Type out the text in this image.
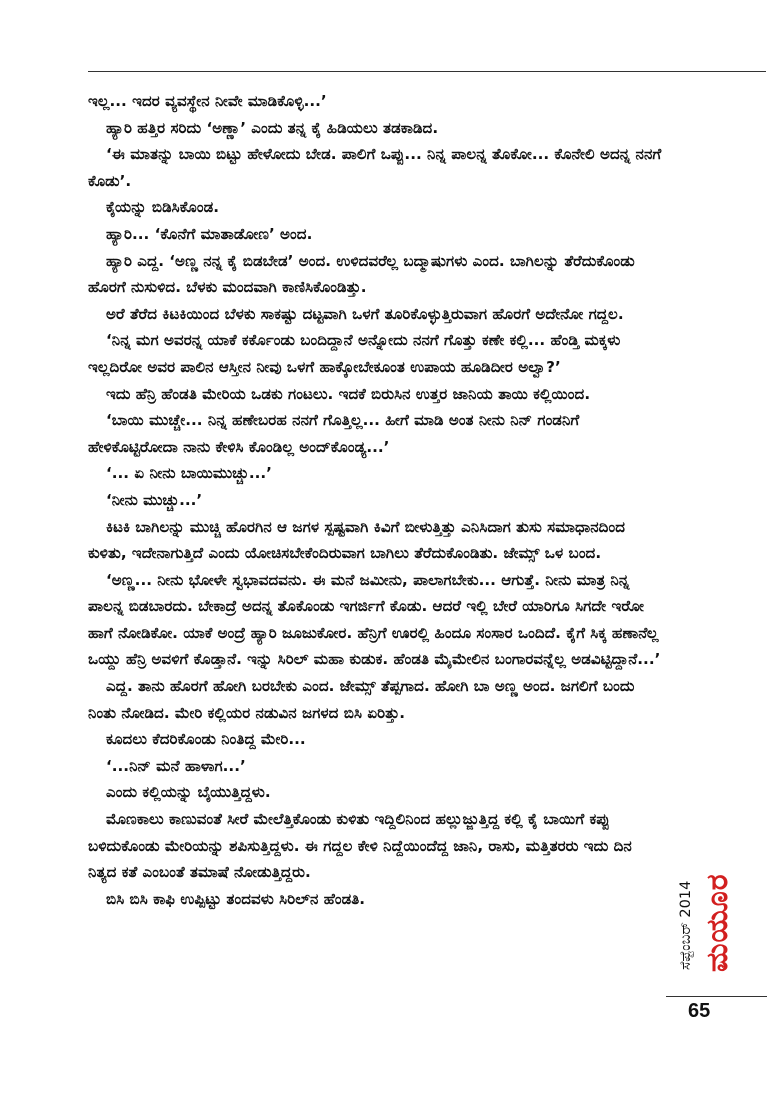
ಇಲ್ಲ... ಇದರ ವ್ಯವಸ್ಥೇನ ನೀವೇ ಮಾಡಿಕೊಳ್ಳಿ...’

ಹ್ಯಾರಿ ಹತ್ತಿರ ಸರಿದು ‘ಅಣ್ಣಾ’ ಎಂದು ತನ್ನ ಕೈ ಹಿಡಿಯಲು ತಡಕಾಡಿದ.

‘ಈ ಮಾತನ್ನು ಬಾಯಿ ಬಿಟ್ಟು ಹೇಳೋದು ಬೇಡ. ಪಾಲಿಗೆ ಒಪ್ಪು... ನಿನ್ನ ಪಾಲನ್ನ ತೊಕೋ... ಕೊನೇಲಿ ಅದನ್ನ ನನಗೆ ಕೊಡು’.

ಕೈಯನ್ನು ಬಿಡಿಸಿಕೊಂಡ.

ಹ್ಯಾರಿ... ‘ಕೊನೆಗೆ ಮಾತಾಡೋಣ’ ಅಂದ.

ಹ್ಯಾರಿ ಎದ್ದ. ‘ಅಣ್ಣ ನನ್ನ ಕೈ ಬಿಡಬೇಡ’ ಅಂದ. ಉಳಿದವರೆಲ್ಲ ಬದ್ಮಾಷುಗಳು ಎಂದ. ಬಾಗಿಲನ್ನು ತೆರೆದುಕೊಂಡು ಹೊರಗೆ ನುಸುಳಿದ. ಬೆಳಕು ಮಂದವಾಗಿ ಕಾಣಿಸಿಕೊಂಡಿತ್ತು.

ಅರೆ ತೆರೆದ ಕಿಟಕಿಯಿಂದ ಬೆಳಕು ಸಾಕಷ್ಟು ದಟ್ಟವಾಗಿ ಒಳಗೆ ತೂರಿಕೊಳ್ಳುತ್ತಿರುವಾಗ ಹೊರಗೆ ಅದೇನೋ ಗದ್ದಲ.

‘ನಿನ್ನ ಮಗ ಅವರನ್ನ ಯಾಕೆ ಕರ್ಕೊಂಡು ಬಂದಿದ್ದಾನೆ ಅನ್ನೋದು ನನಗೆ ಗೊತ್ತು ಕಣೇ ಕಲ್ಲಿ... ಹೆಂಡ್ತಿ ಮಕ್ಕಳು ಇಲ್ಲದಿರೋ ಅವರ ಪಾಲಿನ ಆಸ್ತೀನ ನೀವು ಒಳಗೆ ಹಾಕ್ಕೋಬೇಕೂಂತ ಉಪಾಯ ಹೂಡಿದೀರ ಅಲ್ವಾ?’

ಇದು ಹೆನ್ರಿ ಹೆಂಡತಿ ಮೇರಿಯ ಒಡಕು ಗಂಟಲು. ಇದಕೆ ಬಿರುಸಿನ ಉತ್ತರ ಜಾನಿಯ ತಾಯಿ ಕಲ್ಲಿಯಿಂದ.

‘ಬಾಯಿ ಮುಚ್ಚೇ... ನಿನ್ನ ಹಣೇಬರಹ ನನಗೆ ಗೊತ್ತಿಲ್ಲ... ಹೀಗೆ ಮಾಡಿ ಅಂತ ನೀನು ನಿನ್ ಗಂಡನಿಗೆ ಹೇಳಿಕೊಟ್ಟಿರೋದಾ ನಾನು ಕೇಳಿಸಿ ಕೊಂಡಿಲ್ಲ ಅಂದ್‌ಕೊಂಡ್ಯ...’

‘... ಏ ನೀನು ಬಾಯಿಮುಚ್ಚು...’

‘ನೀನು ಮುಚ್ಚು...’

ಕಿಟಕಿ ಬಾಗಿಲನ್ನು ಮುಚ್ಚಿ ಹೊರಗಿನ ಆ ಜಗಳ ಸ್ಪಷ್ಟವಾಗಿ ಕಿವಿಗೆ ಬೀಳುತ್ತಿತ್ತು ಎನಿಸಿದಾಗ ತುಸು ಸಮಾಧಾನದಿಂದ ಕುಳಿತು, ಇದೇನಾಗುತ್ತಿದೆ ಎಂದು ಯೋಚಿಸಬೇಕೆಂದಿರುವಾಗ ಬಾಗಿಲು ತೆರೆದುಕೊಂಡಿತು. ಜೇಮ್ಸ್ ಒಳ ಬಂದ.

‘ಅಣ್ಣ... ನೀನು ಭೋಳೇ ಸ್ವಭಾವದವನು. ಈ ಮನೆ ಜಮೀನು, ಪಾಲಾಗಬೇಕು... ಆಗುತ್ತೆ. ನೀನು ಮಾತ್ರ ನಿನ್ನ ಪಾಲನ್ನ ಬಿಡಬಾರದು. ಬೇಕಾದ್ರೆ ಅದನ್ನ ತೊಕೊಂಡು ಇಗರ್ಜಿಗೆ ಕೊಡು. ಆದರೆ ಇಲ್ಲಿ ಬೇರೆ ಯಾರಿಗೂ ಸಿಗದೇ ಇರೋ ಹಾಗೆ ನೋಡಿಕೋ. ಯಾಕೆ ಅಂದ್ರೆ ಹ್ಯಾರಿ ಜೂಜುಕೋರ. ಹೆನ್ರಿಗೆ ಊರಲ್ಲಿ ಹಿಂದೂ ಸಂಸಾರ ಒಂದಿದೆ. ಕೈಗೆ ಸಿಕ್ಕ ಹಣಾನೆಲ್ಲ ಒಯ್ದು ಹೆನ್ರಿ ಅವಳಿಗೆ ಕೊಡ್ತಾನೆ. ಇನ್ನು ಸಿರಿಲ್ ಮಹಾ ಕುಡುಕ. ಹೆಂಡತಿ ಮೈಮೇಲಿನ ಬಂಗಾರವನ್ನೆಲ್ಲ ಅಡವಿಟ್ಟಿದ್ದಾನೆ...’

ಎದ್ದ. ತಾನು ಹೊರಗೆ ಹೋಗಿ ಬರಬೇಕು ಎಂದ. ಜೇಮ್ಸ್ ತೆಪ್ಪಗಾದ. ಹೋಗಿ ಬಾ ಅಣ್ಣ ಅಂದ. ಜಗಲಿಗೆ ಬಂದು ನಿಂತು ನೋಡಿದ. ಮೇರಿ ಕಲ್ಲಿಯರ ನಡುವಿನ ಜಗಳದ ಬಿಸಿ ಏರಿತ್ತು.

ಕೂದಲು ಕೆದರಿಕೊಂಡು ನಿಂತಿದ್ದ ಮೇರಿ...

‘...ನಿನ್ ಮನೆ ಹಾಳಾಗ...’

ಎಂದು ಕಲ್ಲಿಯನ್ನು ಬೈಯುತ್ತಿದ್ದಳು.

ಮೊಣಕಾಲು ಕಾಣುವಂತೆ ಸೀರೆ ಮೇಲೆತ್ತಿಕೊಂಡು ಕುಳಿತು ಇದ್ದಿಲಿನಿಂದ ಹಲ್ಲುಜ್ಜುತ್ತಿದ್ದ ಕಲ್ಲಿ ಕೈ ಬಾಯಿಗೆ ಕಪ್ಪು ಬಳಿದುಕೊಂಡು ಮೇರಿಯನ್ನು ಶಪಿಸುತ್ತಿದ್ದಳು. ಈ ಗದ್ದಲ ಕೇಳಿ ನಿದ್ದೆಯಿಂದೆದ್ದ ಜಾನಿ, ರಾಸು, ಮತ್ತಿತರರು ಇದು ದಿನ ನಿತ್ಯದ ಕತೆ ಎಂಬಂತೆ ತಮಾಷೆ ನೋಡುತ್ತಿದ್ದರು.

ಬಿಸಿ ಬಿಸಿ ಕಾಫಿ ಉಪ್ಪಿಟ್ಟು ತಂದವಳು ಸಿರಿಲ್‌ನ ಹೆಂಡತಿ.	ಸೆಪ್ಟೆಂಬರ್ 2014 ಮಯೂರ
65
